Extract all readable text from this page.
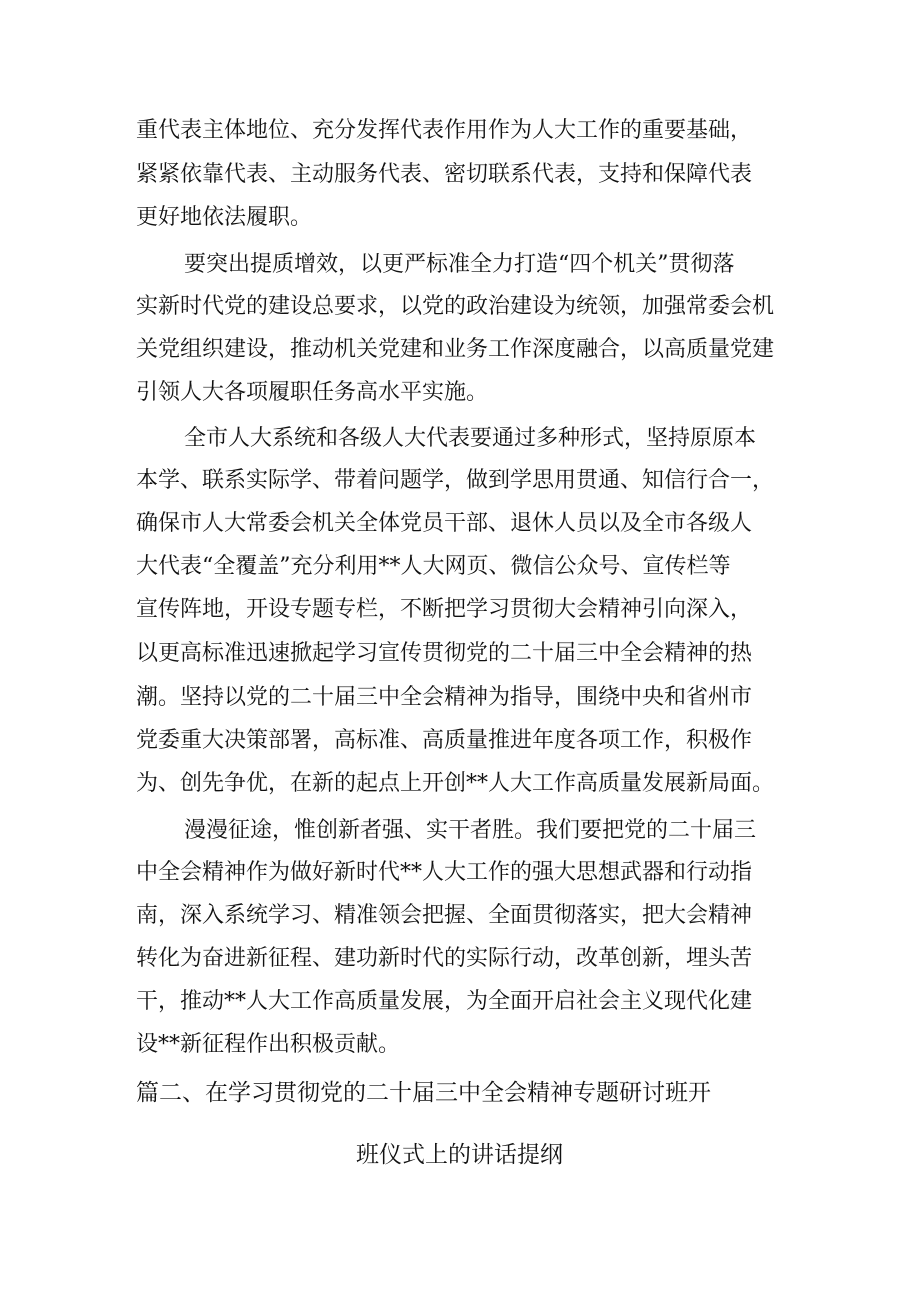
重代表主体地位、充分发挥代表作用作为人大工作的重要基础，
紧紧依靠代表、主动服务代表、密切联系代表，支持和保障代表
更好地依法履职。
要突出提质增效，以更严标准全力打造“四个机关”贯彻落
实新时代党的建设总要求，以党的政治建设为统领，加强常委会机
关党组织建设，推动机关党建和业务工作深度融合，以高质量党建
引领人大各项履职任务高水平实施。
全市人大系统和各级人大代表要通过多种形式，坚持原原本
本学、联系实际学、带着问题学，做到学思用贯通、知信行合一，
确保市人大常委会机关全体党员干部、退休人员以及全市各级人
大代表“全覆盖”充分利用**人大网页、微信公众号、宣传栏等
宣传阵地，开设专题专栏，不断把学习贯彻大会精神引向深入，
以更高标准迅速掀起学习宣传贯彻党的二十届三中全会精神的热
潮。坚持以党的二十届三中全会精神为指导，围绕中央和省州市
党委重大决策部署，高标准、高质量推进年度各项工作，积极作
为、创先争优，在新的起点上开创**人大工作高质量发展新局面。
漫漫征途，惟创新者强、实干者胜。我们要把党的二十届三
中全会精神作为做好新时代**人大工作的强大思想武器和行动指
南，深入系统学习、精准领会把握、全面贯彻落实，把大会精神
转化为奋进新征程、建功新时代的实际行动，改革创新，埋头苦
干，推动**人大工作高质量发展，为全面开启社会主义现代化建
设**新征程作出积极贡献。
篇二、在学习贯彻党的二十届三中全会精神专题研讨班开
班仪式上的讲话提纲
